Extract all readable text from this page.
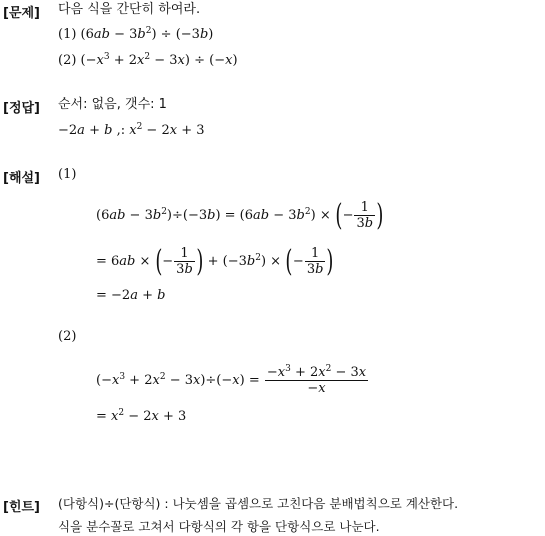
[문제] 다음 식을 간단히 하여라.
(1) $(6ab - 3b^2) \div (-3b)$
(2) $(-x^3 + 2x^2 - 3x) \div (-x)$
[정답] 순서: 없음, 갯수: 1
−2a + b ,: $x^2 - 2x + 3$
[해설] (1)
$(6ab - 3b^2)\div(-3b) = (6ab - 3b^2)$ × (− $\frac{1}{3b}$ )
= 6ab × (− $\frac{1}{3b}$ ) + $(-3b^2)$ × (− $\frac{1}{3b}$ )
= −2a + b
(2)
$(-x^3 + 2x^2 - 3x)\div(-x) = \frac{-x^3 + 2x^2 - 3x}{-x}$
= $x^2 - 2x + 3$
[힌트] (다항식)÷(단항식) : 나눗셈을 곱셈으로 고친다음 분배법칙으로 계산한다.
식을 분수꼴로 고쳐서 다항식의 각 항을 단항식으로 나눈다.
